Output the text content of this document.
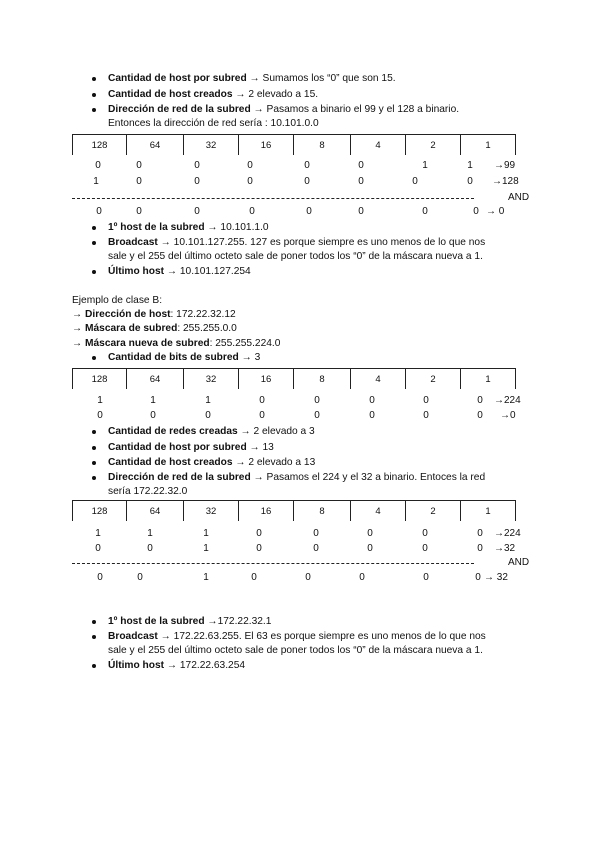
Cantidad de host por subred → Sumamos los “0” que son 15.
Cantidad de host creados → 2 elevado a 15.
Dirección de red de la subred → Pasamos a binario el 99 y el 128 a binario.
Entonces la dirección de red sería : 10.101.0.0
128	64	32	16	8	4	2	1
0	0	0	0	0	0	1	1	→99
1	0	0	0	0	0	0	0	→128
AND
0	0	0	0	0	0	0	0 → 0
1º host de la subred → 10.101.1.0
Broadcast → 10.101.127.255. 127 es porque siempre es uno menos de lo que nos
sale y el 255 del último octeto sale de poner todos los “0” de la máscara nueva a 1.
Último host → 10.101.127.254
Ejemplo de clase B:
→ Dirección de host: 172.22.32.12
→ Máscara de subred: 255.255.0.0
→ Máscara nueva de subred: 255.255.224.0
Cantidad de bits de subred → 3
128	64	32	16	8	4	2	1
1	1	1	0	0	0	0	0	→224
0	0	0	0	0	0	0	0	→0
Cantidad de redes creadas → 2 elevado a 3
Cantidad de host por subred → 13
Cantidad de host creados → 2 elevado a 13
Dirección de red de la subred → Pasamos el 224 y el 32 a binario. Entoces la red
sería 172.22.32.0
128	64	32	16	8	4	2	1
1	1	1	0	0	0	0	0	→224
0	0	1	0	0	0	0	0	→32
AND
0	0	1	0	0	0	0	0 → 32
1º host de la subred →172.22.32.1
Broadcast → 172.22.63.255. El 63 es porque siempre es uno menos de lo que nos
sale y el 255 del último octeto sale de poner todos los “0” de la máscara nueva a 1.
Último host → 172.22.63.254
